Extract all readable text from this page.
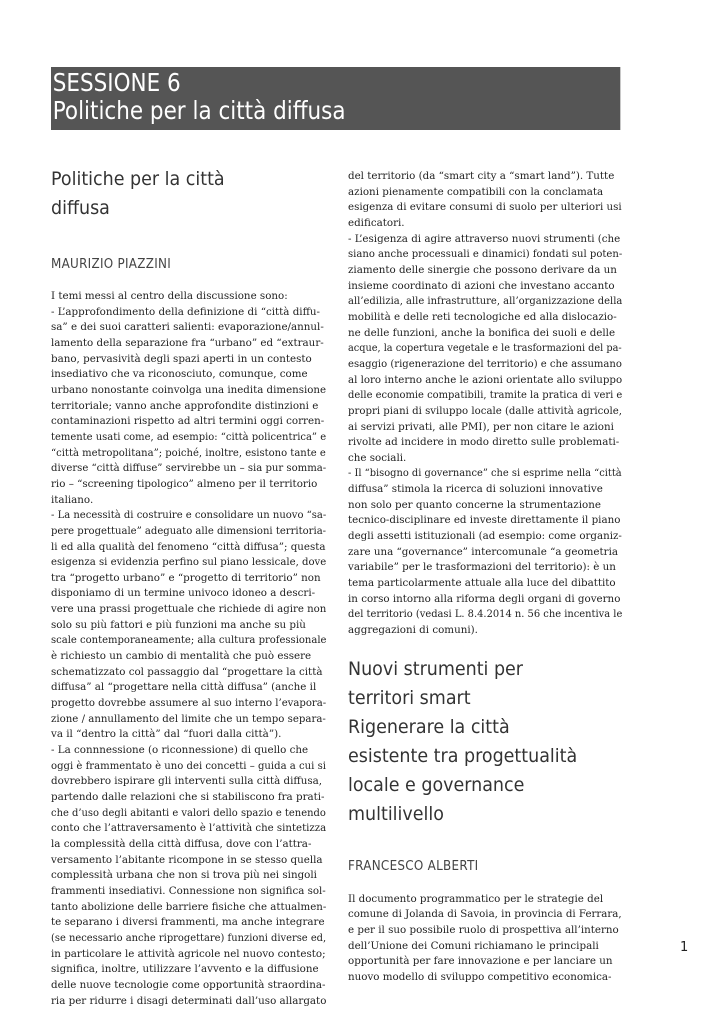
SESSIONE 6
Politiche per la città diffusa
Politiche per la città
diffusa
MAURIZIO PIAZZINI
I temi messi al centro della discussione sono:
- L’approfondimento della definizione di “città diffu-
sa” e dei suoi caratteri salienti: evaporazione/annul-
lamento della separazione fra “urbano” ed “extraur-
bano, pervasività degli spazi aperti in un contesto
insediativo che va riconosciuto, comunque, come
urbano nonostante coinvolga una inedita dimensione
territoriale; vanno anche approfondite distinzioni e
contaminazioni rispetto ad altri termini oggi corren-
temente usati come, ad esempio: “città policentrica” e
“città metropolitana”; poiché, inoltre, esistono tante e
diverse “città diffuse” servirebbe un – sia pur somma-
rio – “screening tipologico” almeno per il territorio
italiano.
- La necessità di costruire e consolidare un nuovo “sa-
pere progettuale” adeguato alle dimensioni territoria-
li ed alla qualità del fenomeno “città diffusa”; questa
esigenza si evidenzia perfino sul piano lessicale, dove
tra “progetto urbano” e “progetto di territorio” non
disponiamo di un termine univoco idoneo a descri-
vere una prassi progettuale che richiede di agire non
solo su più fattori e più funzioni ma anche su più
scale contemporaneamente; alla cultura professionale
è richiesto un cambio di mentalità che può essere
schematizzato col passaggio dal “progettare la città
diffusa” al “progettare nella città diffusa” (anche il
progetto dovrebbe assumere al suo interno l’evapora-
zione / annullamento del limite che un tempo separa-
va il “dentro la città” dal “fuori dalla città”).
- La connnessione (o riconnessione) di quello che
oggi è frammentato è uno dei concetti – guida a cui si
dovrebbero ispirare gli interventi sulla città diffusa,
partendo dalle relazioni che si stabiliscono fra prati-
che d’uso degli abitanti e valori dello spazio e tenendo
conto che l’attraversamento è l’attività che sintetizza
la complessità della città diffusa, dove con l’attra-
versamento l’abitante ricompone in se stesso quella
complessità urbana che non si trova più nei singoli
frammenti insediativi. Connessione non significa sol-
tanto abolizione delle barriere fisiche che attualmen-
te separano i diversi frammenti, ma anche integrare
(se necessario anche riprogettare) funzioni diverse ed,
in particolare le attività agricole nel nuovo contesto;
significa, inoltre, utilizzare l’avvento e la diffusione
delle nuove tecnologie come opportunità straordina-
ria per ridurre i disagi determinati dall’uso allargato
del territorio (da “smart city a “smart land”). Tutte
azioni pienamente compatibili con la conclamata
esigenza di evitare consumi di suolo per ulteriori usi
edificatori.
- L’esigenza di agire attraverso nuovi strumenti (che
siano anche processuali e dinamici) fondati sul poten-
ziamento delle sinergie che possono derivare da un
insieme coordinato di azioni che investano accanto
all’edilizia, alle infrastrutture, all’organizzazione della
mobilità e delle reti tecnologiche ed alla dislocazio-
ne delle funzioni, anche la bonifica dei suoli e delle
acque, la copertura vegetale e le trasformazioni del pa-
esaggio (rigenerazione del territorio) e che assumano
al loro interno anche le azioni orientate allo sviluppo
delle economie compatibili, tramite la pratica di veri e
propri piani di sviluppo locale (dalle attività agricole,
ai servizi privati, alle PMI), per non citare le azioni
rivolte ad incidere in modo diretto sulle problemati-
che sociali.
- Il “bisogno di governance” che si esprime nella “città
diffusa” stimola la ricerca di soluzioni innovative
non solo per quanto concerne la strumentazione
tecnico-disciplinare ed investe direttamente il piano
degli assetti istituzionali (ad esempio: come organiz-
zare una “governance” intercomunale “a geometria
variabile” per le trasformazioni del territorio): è un
tema particolarmente attuale alla luce del dibattito
in corso intorno alla riforma degli organi di governo
del territorio (vedasi L. 8.4.2014 n. 56 che incentiva le
aggregazioni di comuni).
Nuovi strumenti per
territori smart
Rigenerare la città
esistente tra progettualità
locale e governance
multilivello
FRANCESCO ALBERTI
Il documento programmatico per le strategie del
comune di Jolanda di Savoia, in provincia di Ferrara,
e per il suo possibile ruolo di prospettiva all’interno
dell’Unione dei Comuni richiamano le principali
opportunità per fare innovazione e per lanciare un
nuovo modello di sviluppo competitivo economica-
1
